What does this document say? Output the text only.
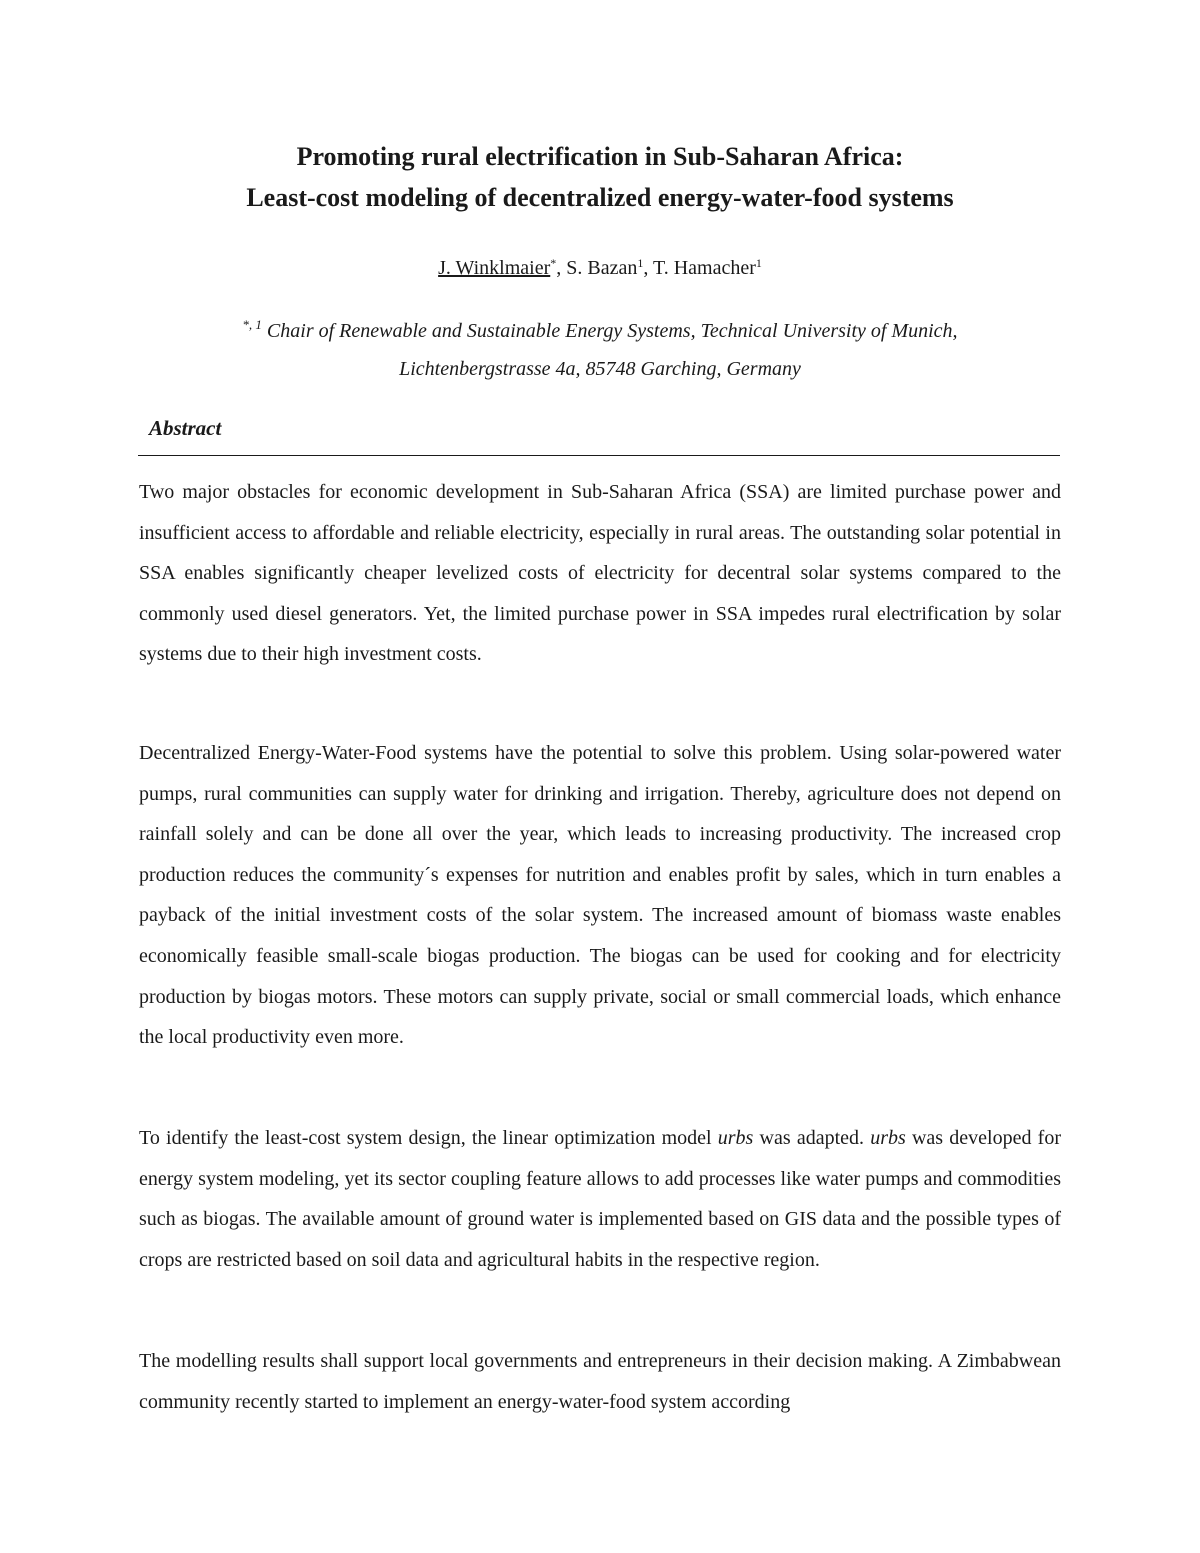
Promoting rural electrification in Sub-Saharan Africa:
Least-cost modeling of decentralized energy-water-food systems
J. Winklmaier*, S. Bazan$^1$, T. Hamacher$^1$
$^{*, 1}$ Chair of Renewable and Sustainable Energy Systems, Technical University of Munich,
Lichtenbergstrasse 4a, 85748 Garching, Germany
Abstract

Two major obstacles for economic development in Sub-Saharan Africa (SSA) are limited purchase power and insufficient access to affordable and reliable electricity, especially in rural areas. The outstanding solar potential in SSA enables significantly cheaper levelized costs of electricity for decentral solar systems compared to the commonly used diesel generators. Yet, the limited purchase power in SSA impedes rural electrification by solar systems due to their high investment costs.

Decentralized Energy-Water-Food systems have the potential to solve this problem. Using solar-powered water pumps, rural communities can supply water for drinking and irrigation. Thereby, agriculture does not depend on rainfall solely and can be done all over the year, which leads to increasing productivity. The increased crop production reduces the community´s expenses for nutrition and enables profit by sales, which in turn enables a payback of the initial investment costs of the solar system. The increased amount of biomass waste enables economically feasible small-scale biogas production. The biogas can be used for cooking and for electricity production by biogas motors. These motors can supply private, social or small commercial loads, which enhance the local productivity even more.

To identify the least-cost system design, the linear optimization model urbs was adapted. urbs was developed for energy system modeling, yet its sector coupling feature allows to add processes like water pumps and commodities such as biogas. The available amount of ground water is implemented based on GIS data and the possible types of crops are restricted based on soil data and agricultural habits in the respective region.

The modelling results shall support local governments and entrepreneurs in their decision making. A Zimbabwean community recently started to implement an energy-water-food system according
